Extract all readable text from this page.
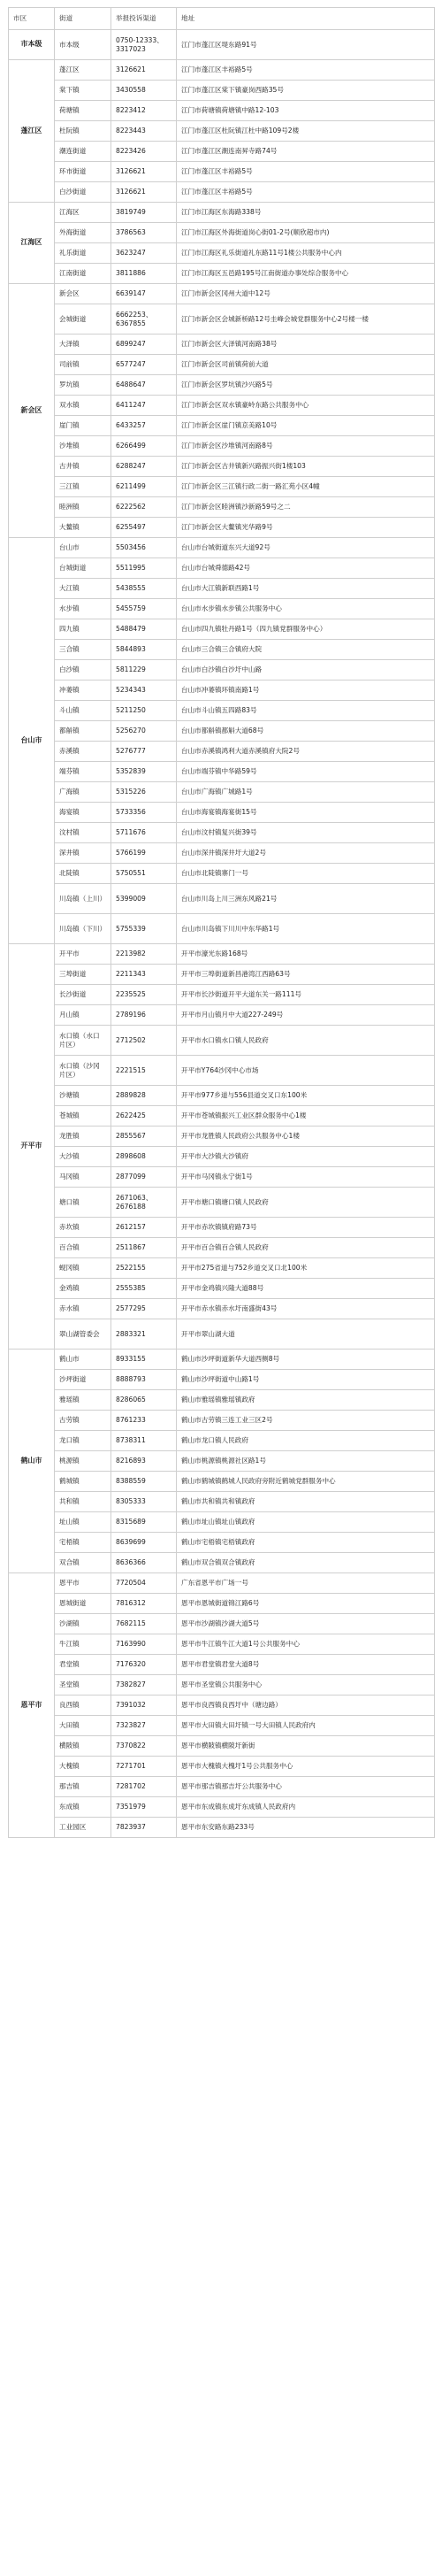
市区	街道	举报投诉渠道	地址
市本级	市本级	0750-12333、3317023	江门市蓬江区堤东路91号
蓬江区	蓬江区	3126621	江门市蓬江区丰裕路5号
	棠下镇	3430558	江门市蓬江区棠下镇豪岗西路35号
	荷塘镇	8223412	江门市荷塘镇荷塘镇中路12-103
	杜阮镇	8223443	江门市蓬江区杜阮镇江杜中路109号2楼
	潮连街道	8223426	江门市蓬江区潮连南昇寺路74号
	环市街道	3126621	江门市蓬江区丰裕路5号
	白沙街道	3126621	江门市蓬江区丰裕路5号
江海区	江海区	3819749	江门市江海区东海路338号
	外海街道	3786563	江门市江海区外海街道岗心街01-2号(顺欣超市内)
	礼乐街道	3623247	江门市江海区礼乐街道礼东路11号1楼公共服务中心内
	江南街道	3811886	江门市江海区五邑路195号江南街道办事处综合服务中心
新会区	新会区	6639147	江门市新会区冈州大道中12号
	会城街道	6662253、6367855	江门市新会区会城新桥路12号圭峰会城党群服务中心2号楼一楼
	大泽镇	6899247	江门市新会区大泽镇河南路38号
	司前镇	6577247	江门市新会区司前镇荷前大道
	罗坑镇	6488647	江门市新会区罗坑镇沙兴路5号
	双水镇	6411247	江门市新会区双水镇豪岭东路公共服务中心
	崖门镇	6433257	江门市新会区崖门镇京美路10号
	沙堆镇	6266499	江门市新会区沙堆镇河南路8号
	古井镇	6288247	江门市新会区古井镇新兴路振兴街1楼103
	三江镇	6211499	江门市新会区三江镇行政二街一路汇苑小区4幢
	睦洲镇	6222562	江门市新会区睦洲镇沙新路59号之二
	大鳌镇	6255497	江门市新会区大鳌镇光华路9号
台山市	台山市	5503456	台山市台城街道东兴大道92号
	台城街道	5511995	台山市台城舜德路42号
	大江镇	5438555	台山市大江镇新联西路1号
	水步镇	5455759	台山市水步镇水步镇公共服务中心
	四九镇	5488479	台山市四九镇牡丹路1号（四九镇党群服务中心）
	三合镇	5844893	台山市三合镇三合镇府大院
	白沙镇	5811229	台山市白沙镇白沙圩中山路
	冲蒌镇	5234343	台山市冲蒌镇环镇南路1号
	斗山镇	5211250	台山市斗山镇五四路83号
	都斛镇	5256270	台山市都斛镇都斛大道68号
	赤溪镇	5276777	台山市赤溪镇鸿利大道赤溪镇府大院2号
	端芬镇	5352839	台山市端芬镇中华路59号
	广海镇	5315226	台山市广海镇广城路1号
	海宴镇	5733356	台山市海宴镇海宴街15号
	汶村镇	5711676	台山市汶村镇复兴街39号
	深井镇	5766199	台山市深井镇深井圩大道2号
	北陡镇	5750551	台山市北陡镇寨门一号
	川岛镇（上川）	5399009	台山市川岛上川三洲东风路21号
	川岛镇（下川）	5755339	台山市川岛镇下川川中东华路1号
开平市	开平市	2213982	开平市濠光东路168号
	三埠街道	2211343	开平市三埠街道新昌港湾江西路63号
	长沙街道	2235525	开平市长沙街道开平大道东关一路111号
	月山镇	2789196	开平市月山镇月中大道227-249号
	水口镇（水口片区）	2712502	开平市水口镇水口镇人民政府
	水口镇（沙冈片区）	2221515	开平市Y764沙冈中心市场
	沙塘镇	2889828	开平市977乡道与556县道交叉口东100米
	苍城镇	2622425	开平市苍城镇振兴工业区群众服务中心1楼
	龙胜镇	2855567	开平市龙胜镇人民政府公共服务中心1楼
	大沙镇	2898608	开平市大沙镇大沙镇府
	马冈镇	2877099	开平市马冈镇永宁街1号
	塘口镇	2671063、2676188	开平市塘口镇塘口镇人民政府
	赤坎镇	2612157	开平市赤坎镇镇府路73号
	百合镇	2511867	开平市百合镇百合镇人民政府
	蚬冈镇	2522155	开平市275省道与752乡道交叉口北100米
	金鸡镇	2555385	开平市金鸡镇兴隆大道88号
	赤水镇	2577295	开平市赤水镇赤水圩南盛街43号
	翠山湖管委会	2883321	开平市翠山湖大道
鹤山市	鹤山市	8933155	鹤山市沙坪街道新华大道西侧8号
	沙坪街道	8888793	鹤山市沙坪街道中山路1号
	雅瑶镇	8286065	鹤山市雅瑶镇雅瑶镇政府
	古劳镇	8761233	鹤山市古劳镇三连工业三区2号
	龙口镇	8738311	鹤山市龙口镇人民政府
	桃源镇	8216893	鹤山市桃源镇桃源社区路1号
	鹤城镇	8388559	鹤山市鹤城镇鹤城人民政府旁附近鹤城党群服务中心
	共和镇	8305333	鹤山市共和镇共和镇政府
	址山镇	8315689	鹤山市址山镇址山镇政府
	宅梧镇	8639699	鹤山市宅梧镇宅梧镇政府
	双合镇	8636366	鹤山市双合镇双合镇政府
恩平市	恩平市	7720504	广东省恩平市广场一号
	恩城街道	7816312	恩平市恩城街道锦江路6号
	沙湖镇	7682115	恩平市沙湖镇沙湖大道5号
	牛江镇	7163990	恩平市牛江镇牛江大道1号公共服务中心
	君堂镇	7176320	恩平市君堂镇君堂大道8号
	圣堂镇	7382827	恩平市圣堂镇公共服务中心
	良西镇	7391032	恩平市良西镇良西圩中（塘边路）
	大田镇	7323827	恩平市大田镇大田圩镇一号大田镇人民政府内
	横陂镇	7370822	恩平市横陂镇横陂圩新街
	大槐镇	7271701	恩平市大槐镇大槐圩1号公共服务中心
	那吉镇	7281702	恩平市那吉镇那吉圩公共服务中心
	东成镇	7351979	恩平市东成镇东成圩东成镇人民政府内
	工业园区	7823937	恩平市东安路东路233号
